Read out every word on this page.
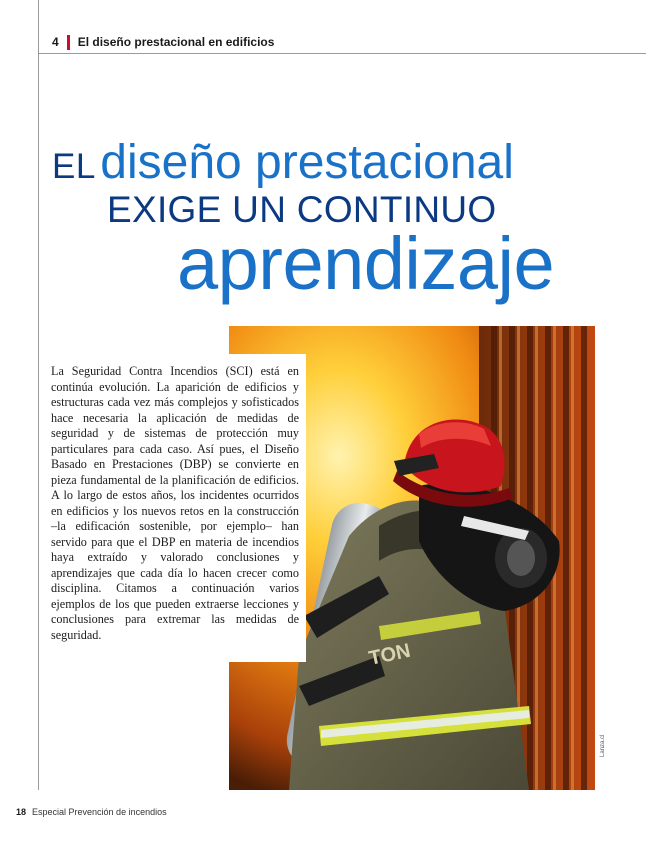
4 El diseño prestacional en edificios
EL diseño prestacional
EXIGE UN CONTINUO
aprendizaje
TON
Lanza.cl

La Seguridad Contra Incendios (SCI) está en continúa evolución. La aparición de edificios y estructuras cada vez más complejos y sofisticados hace necesaria la aplicación de medidas de seguridad y de sistemas de protección muy particulares para cada caso. Así pues, el Diseño Basado en Prestaciones (DBP) se convierte en pieza fundamental de la planificación de edificios. A lo largo de estos años, los incidentes ocurridos en edificios y los nuevos retos en la construcción –la edificación sostenible, por ejemplo– han servido para que el DBP en materia de incendios haya extraído y valorado conclusiones y aprendizajes que cada día lo hacen crecer como disciplina. Citamos a continuación varios ejemplos de los que pueden extraerse lecciones y conclusiones para extremar las medidas de seguridad.

18 Especial Prevención de incendios
